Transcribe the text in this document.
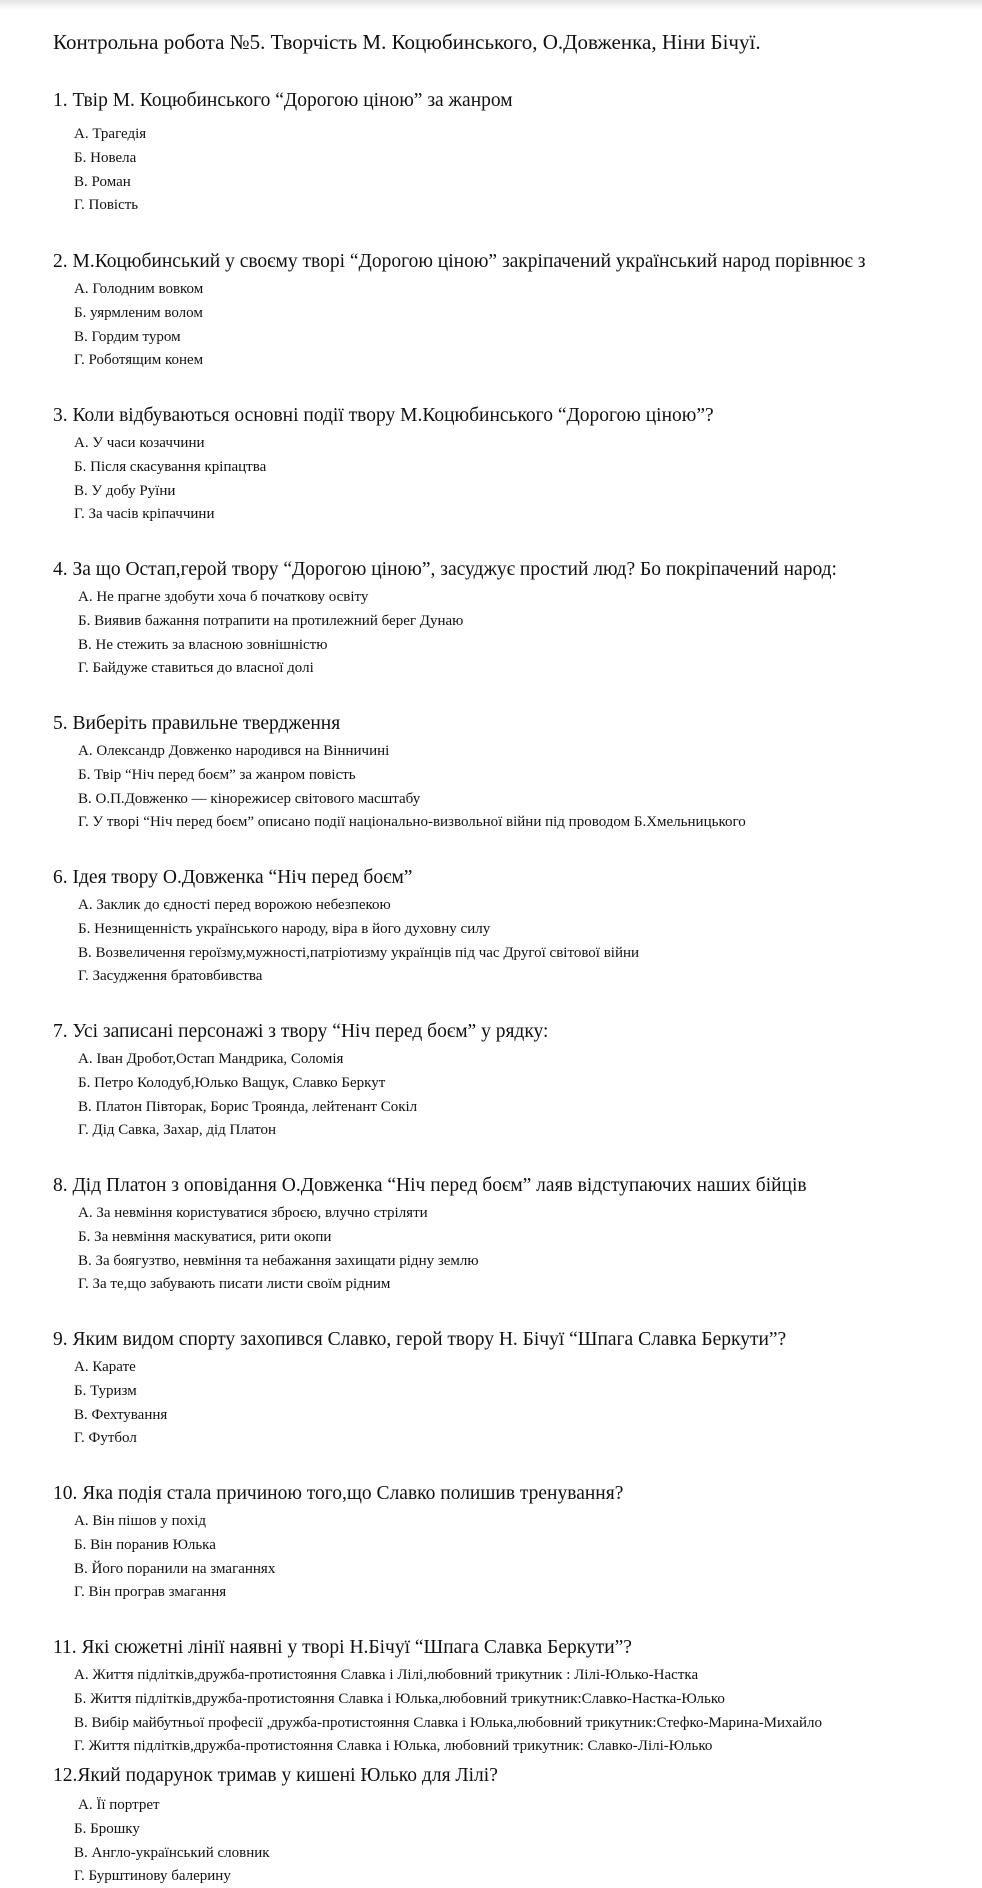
Контрольна робота №5. Творчість М. Коцюбинського, О.Довженка, Ніни Бічуї.
1. Твір М. Коцюбинського “Дорогою ціною” за жанром
А. Трагедія
Б. Новела
В. Роман
Г. Повість
2. М.Коцюбинський у своєму творі “Дорогою ціною” закріпачений український народ порівнює з
А. Голодним вовком
Б. уярмленим волом
В. Гордим туром
Г. Роботящим конем
3. Коли відбуваються основні події твору М.Коцюбинського “Дорогою ціною”?
А. У часи козаччини
Б. Після скасування кріпацтва
В. У добу Руїни
Г. За часів кріпаччини
4. За що Остап,герой твору “Дорогою ціною”, засуджує простий люд? Бо покріпачений народ:
А. Не прагне здобути хоча б початкову освіту
Б. Виявив бажання потрапити на протилежний берег Дунаю
В. Не стежить за власною зовнішністю
Г. Байдуже ставиться до власної долі
5. Виберіть правильне твердження
А. Олександр Довженко народився на Вінничині
Б. Твір “Ніч перед боєм” за жанром повість
В. О.П.Довженко — кінорежисер світового масштабу
Г. У творі “Ніч перед боєм” описано події національно-визвольної війни під проводом Б.Хмельницького
6. Ідея твору О.Довженка “Ніч перед боєм”
А. Заклик до єдності перед ворожою небезпекою
Б. Незнищенність українського народу, віра в його духовну силу
В. Возвеличення героїзму,мужності,патріотизму українців під час Другої світової війни
Г. Засудження братовбивства
7. Усі записані персонажі з твору “Ніч перед боєм” у рядку:
А. Іван Дробот,Остап Мандрика, Соломія
Б. Петро Колодуб,Юлько Ващук, Славко Беркут
В. Платон Півторак, Борис Троянда, лейтенант Сокіл
Г. Дід Савка, Захар, дід Платон
8. Дід Платон з оповідання О.Довженка “Ніч перед боєм” лаяв відступаючих наших бійців
А. За невміння користуватися зброєю, влучно стріляти
Б. За невміння маскуватися, рити окопи
В. За боягузтво, невміння та небажання захищати рідну землю
Г. За те,що забувають писати листи своїм рідним
9. Яким видом спорту захопився Славко, герой твору Н. Бічуї “Шпага Славка Беркути”?
А. Карате
Б. Туризм
В. Фехтування
Г. Футбол
10. Яка подія стала причиною того,що Славко полишив тренування?
А. Він пішов у похід
Б. Він поранив Юлька
В. Його поранили на змаганнях
Г. Він програв змагання
11. Які сюжетні лінії наявні у творі Н.Бічуї “Шпага Славка Беркути”?
А. Життя підлітків,дружба-протистояння Славка і Лілі,любовний трикутник : Лілі-Юлько-Настка
Б. Життя підлітків,дружба-протистояння Славка і Юлька,любовний трикутник:Славко-Настка-Юлько
В. Вибір майбутньої професії ,дружба-протистояння Славка і Юлька,любовний трикутник:Стефко-Марина-Михайло
Г. Життя підлітків,дружба-протистояння Славка і Юлька, любовний трикутник: Славко-Лілі-Юлько
12.Який подарунок тримав у кишені Юлько для Лілі?
А. Її портрет
Б. Брошку
В. Англо-український словник
Г. Бурштинову балерину
